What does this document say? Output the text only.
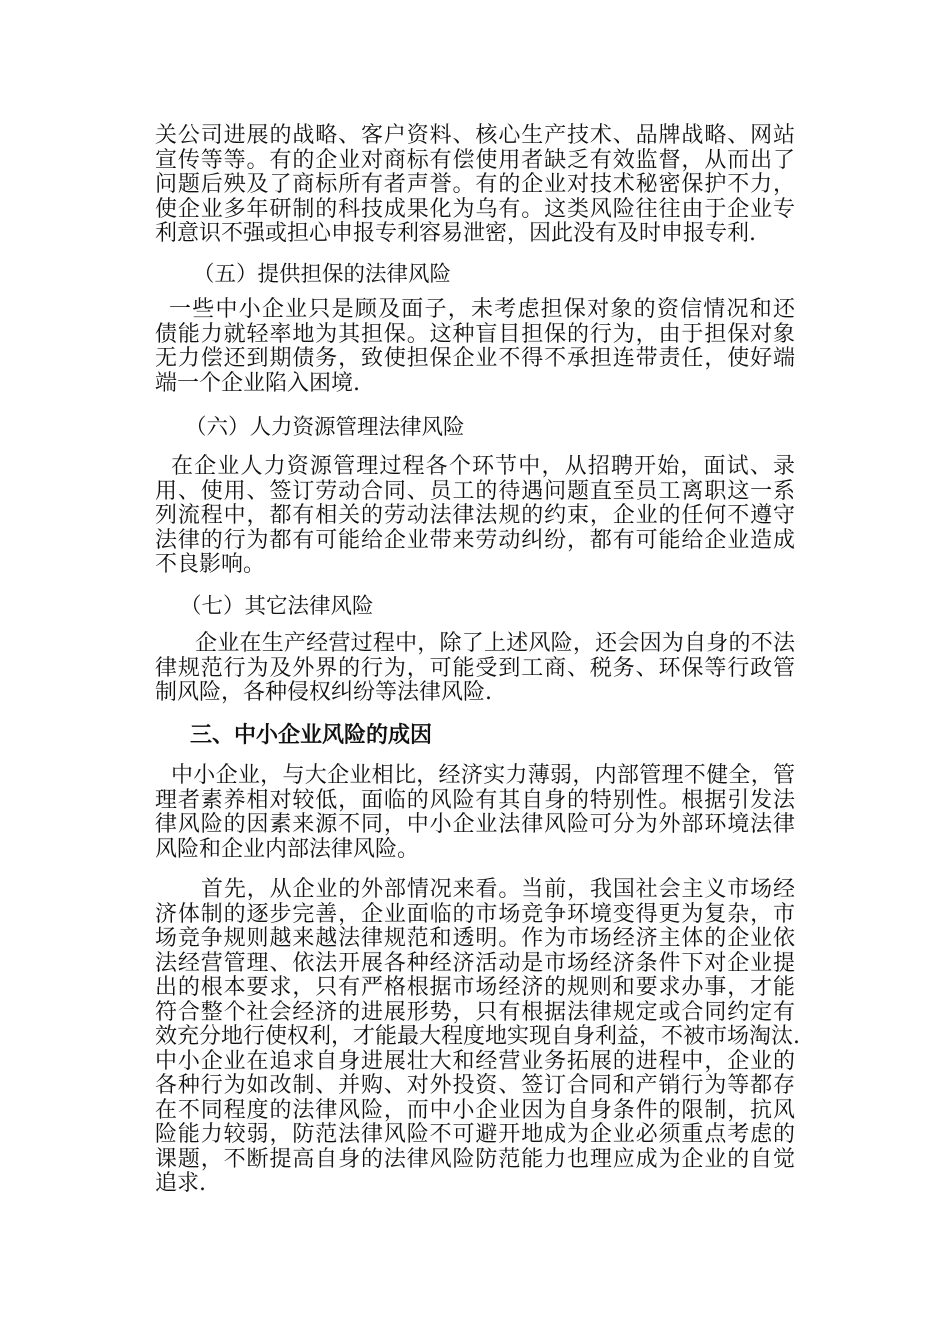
关公司进展的战略、客户资料、核心生产技术、品牌战略、网站
宣传等等。有的企业对商标有偿使用者缺乏有效监督，从而出了
问题后殃及了商标所有者声誉。有的企业对技术秘密保护不力，
使企业多年研制的科技成果化为乌有。这类风险往往由于企业专
利意识不强或担心申报专利容易泄密，因此没有及时申报专利.
（五）提供担保的法律风险
一些中小企业只是顾及面子，未考虑担保对象的资信情况和还
债能力就轻率地为其担保。这种盲目担保的行为，由于担保对象
无力偿还到期债务，致使担保企业不得不承担连带责任，使好端
端一个企业陷入困境.
（六）人力资源管理法律风险
在企业人力资源管理过程各个环节中，从招聘开始，面试、录
用、使用、签订劳动合同、员工的待遇问题直至员工离职这一系
列流程中，都有相关的劳动法律法规的约束，企业的任何不遵守
法律的行为都有可能给企业带来劳动纠纷，都有可能给企业造成
不良影响。
（七）其它法律风险
企业在生产经营过程中，除了上述风险，还会因为自身的不法
律规范行为及外界的行为，可能受到工商、税务、环保等行政管
制风险，各种侵权纠纷等法律风险.
三、中小企业风险的成因
中小企业，与大企业相比，经济实力薄弱，内部管理不健全，管
理者素养相对较低，面临的风险有其自身的特别性。根据引发法
律风险的因素来源不同，中小企业法律风险可分为外部环境法律
风险和企业内部法律风险。
首先，从企业的外部情况来看。当前，我国社会主义市场经
济体制的逐步完善，企业面临的市场竞争环境变得更为复杂，市
场竞争规则越来越法律规范和透明。作为市场经济主体的企业依
法经营管理、依法开展各种经济活动是市场经济条件下对企业提
出的根本要求，只有严格根据市场经济的规则和要求办事，才能
符合整个社会经济的进展形势，只有根据法律规定或合同约定有
效充分地行使权利，才能最大程度地实现自身利益，不被市场淘汰.
中小企业在追求自身进展壮大和经营业务拓展的进程中，企业的
各种行为如改制、并购、对外投资、签订合同和产销行为等都存
在不同程度的法律风险，而中小企业因为自身条件的限制，抗风
险能力较弱，防范法律风险不可避开地成为企业必须重点考虑的
课题，不断提高自身的法律风险防范能力也理应成为企业的自觉
追求.
